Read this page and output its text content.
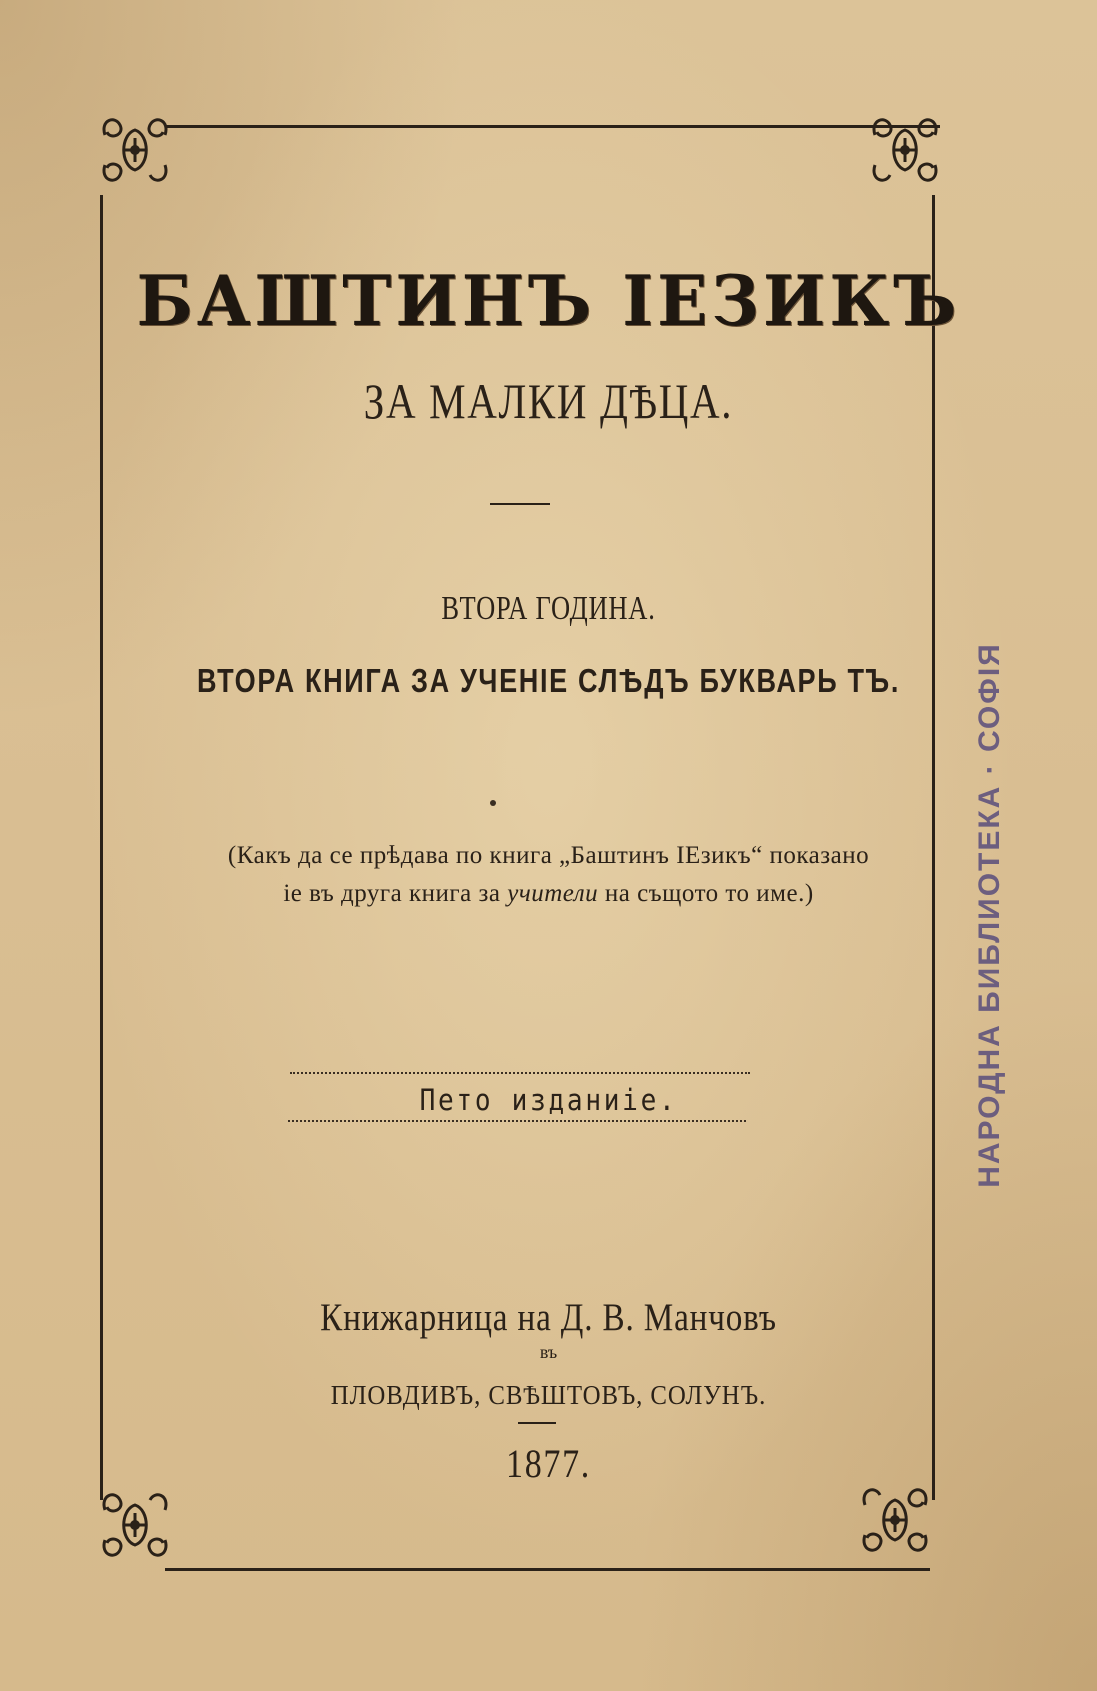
БАШТИНЪ ІЕЗИКЪ
ЗА МАЛКИ ДѢЦА.
ВТОРА ГОДИНА.
ВТОРА КНИГА ЗА УЧЕНІЕ СЛѢДЪ БУКВАРЬ ТЪ.
(Какъ да се прѣдава по книга „Баштинъ ІЕзикъ“ показано
іе въ друга книга за учители на същото то име.)
Пето изданиіе.
Книжарница на Д. В. Манчовъ
въ
ПЛОВДИВЪ, СВѢШТОВЪ, СОЛУНЪ.
1877.
НАРОДНА БИБЛИОТЕКА · СОФІЯ
